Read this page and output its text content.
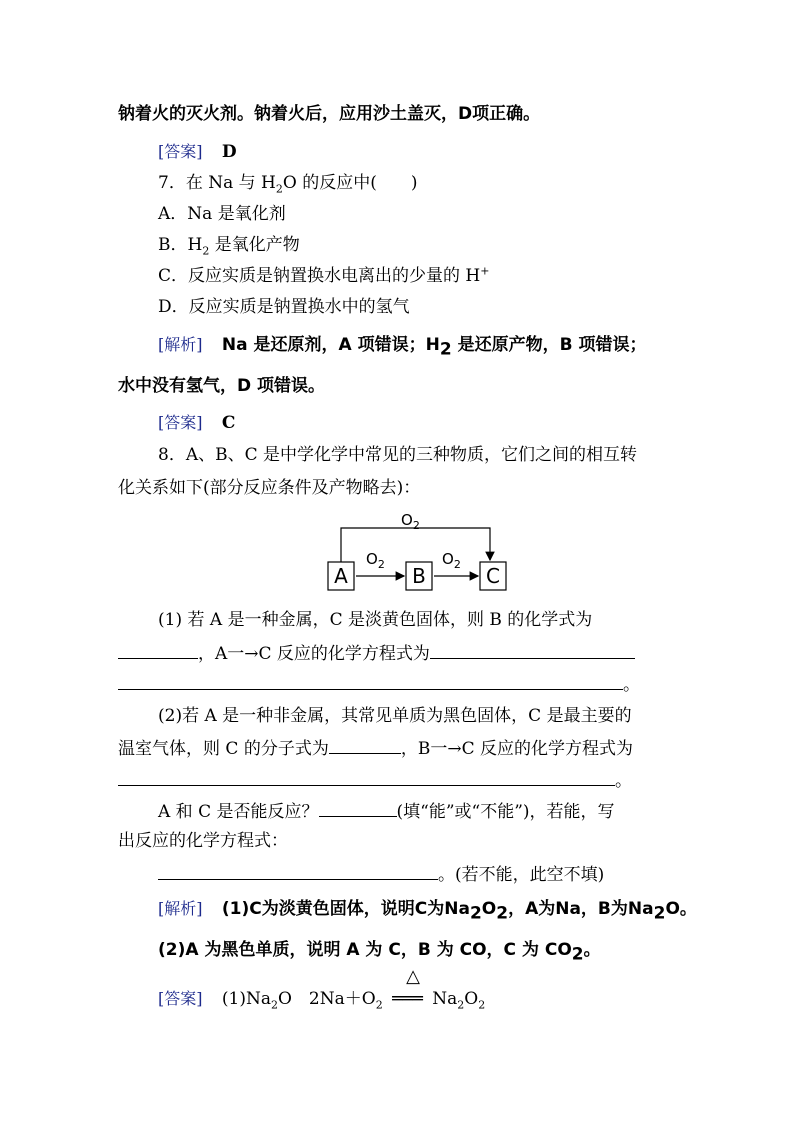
钠着火的灭火剂。钠着火后，应用沙土盖灭，D项正确。
[答案] D
7．在 Na 与 $H_2O$ 的反应中(　　)
A．Na 是氧化剂
B．$H_2$ 是氧化产物
C．反应实质是钠置换水电离出的少量的 H+
D．反应实质是钠置换水中的氢气
[解析] Na 是还原剂，A 项错误；$H_2$ 是还原产物，B 项错误；
水中没有氢气，D 项错误。
[答案] C
8．A、B、C 是中学化学中常见的三种物质，它们之间的相互转
化关系如下(部分反应条件及产物略去)：
A	B	C
$O_2$
$O_2$	$O_2$
(1) 若 A 是一种金属，C 是淡黄色固体，则 B 的化学式为
，A一→C 反应的化学方程式为
。
(2)若 A 是一种非金属，其常见单质为黑色固体，C 是最主要的
温室气体，则 C 的分子式为	，B一→C 反应的化学方程式为
。
A 和 C 是否能反应？	(填“能”或“不能”)，若能，写
出反应的化学方程式：
。(若不能，此空不填)
[解析] (1)C为淡黄色固体，说明C为$Na_2O_2$，A为Na，B为$Na_2O$。
(2)A 为黑色单质，说明 A 为 C，B 为 CO，C 为 $CO_2$。
[答案] $(1)Na_2O$　$2Na+O_2$
△
═══ $Na_2O_2$
